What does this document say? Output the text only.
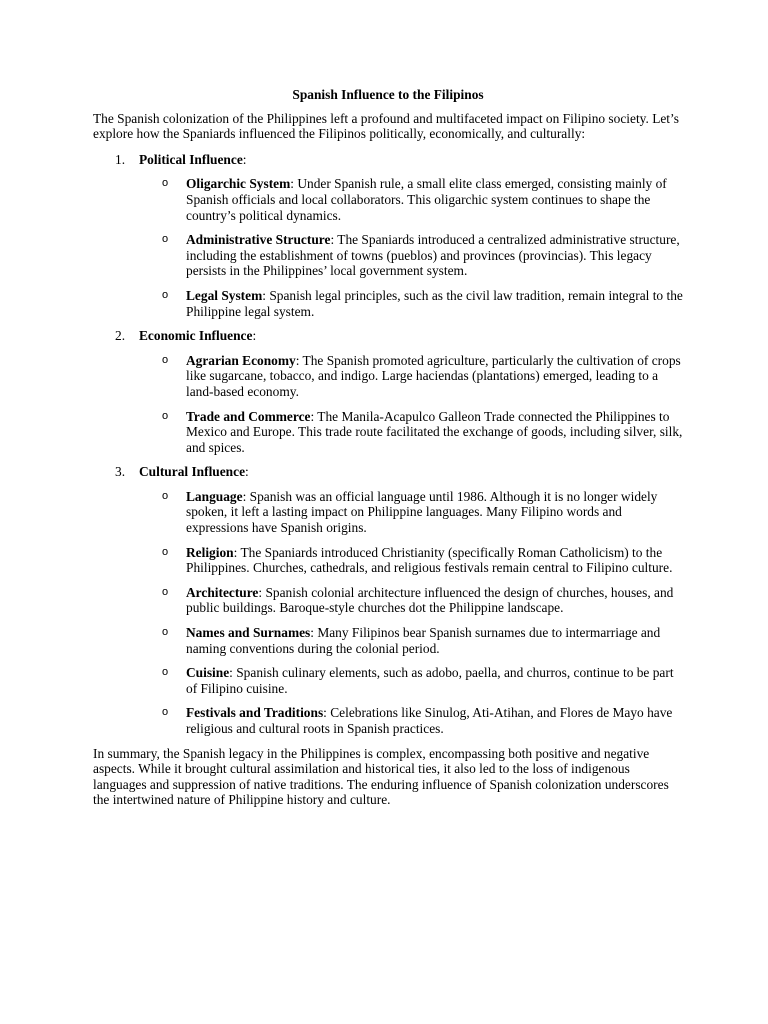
Spanish Influence to the Filipinos
The Spanish colonization of the Philippines left a profound and multifaceted impact on Filipino society. Let’s explore how the Spaniards influenced the Filipinos politically, economically, and culturally:
1. Political Influence:
o Oligarchic System: Under Spanish rule, a small elite class emerged, consisting mainly of Spanish officials and local collaborators. This oligarchic system continues to shape the country’s political dynamics.
o Administrative Structure: The Spaniards introduced a centralized administrative structure, including the establishment of towns (pueblos) and provinces (provincias). This legacy persists in the Philippines’ local government system.
o Legal System: Spanish legal principles, such as the civil law tradition, remain integral to the Philippine legal system.
2. Economic Influence:
o Agrarian Economy: The Spanish promoted agriculture, particularly the cultivation of crops like sugarcane, tobacco, and indigo. Large haciendas (plantations) emerged, leading to a land-based economy.
o Trade and Commerce: The Manila-Acapulco Galleon Trade connected the Philippines to Mexico and Europe. This trade route facilitated the exchange of goods, including silver, silk, and spices.
3. Cultural Influence:
o Language: Spanish was an official language until 1986. Although it is no longer widely spoken, it left a lasting impact on Philippine languages. Many Filipino words and expressions have Spanish origins.
o Religion: The Spaniards introduced Christianity (specifically Roman Catholicism) to the Philippines. Churches, cathedrals, and religious festivals remain central to Filipino culture.
o Architecture: Spanish colonial architecture influenced the design of churches, houses, and public buildings. Baroque-style churches dot the Philippine landscape.
o Names and Surnames: Many Filipinos bear Spanish surnames due to intermarriage and naming conventions during the colonial period.
o Cuisine: Spanish culinary elements, such as adobo, paella, and churros, continue to be part of Filipino cuisine.
o Festivals and Traditions: Celebrations like Sinulog, Ati-Atihan, and Flores de Mayo have religious and cultural roots in Spanish practices.
In summary, the Spanish legacy in the Philippines is complex, encompassing both positive and negative aspects. While it brought cultural assimilation and historical ties, it also led to the loss of indigenous languages and suppression of native traditions. The enduring influence of Spanish colonization underscores the intertwined nature of Philippine history and culture.
